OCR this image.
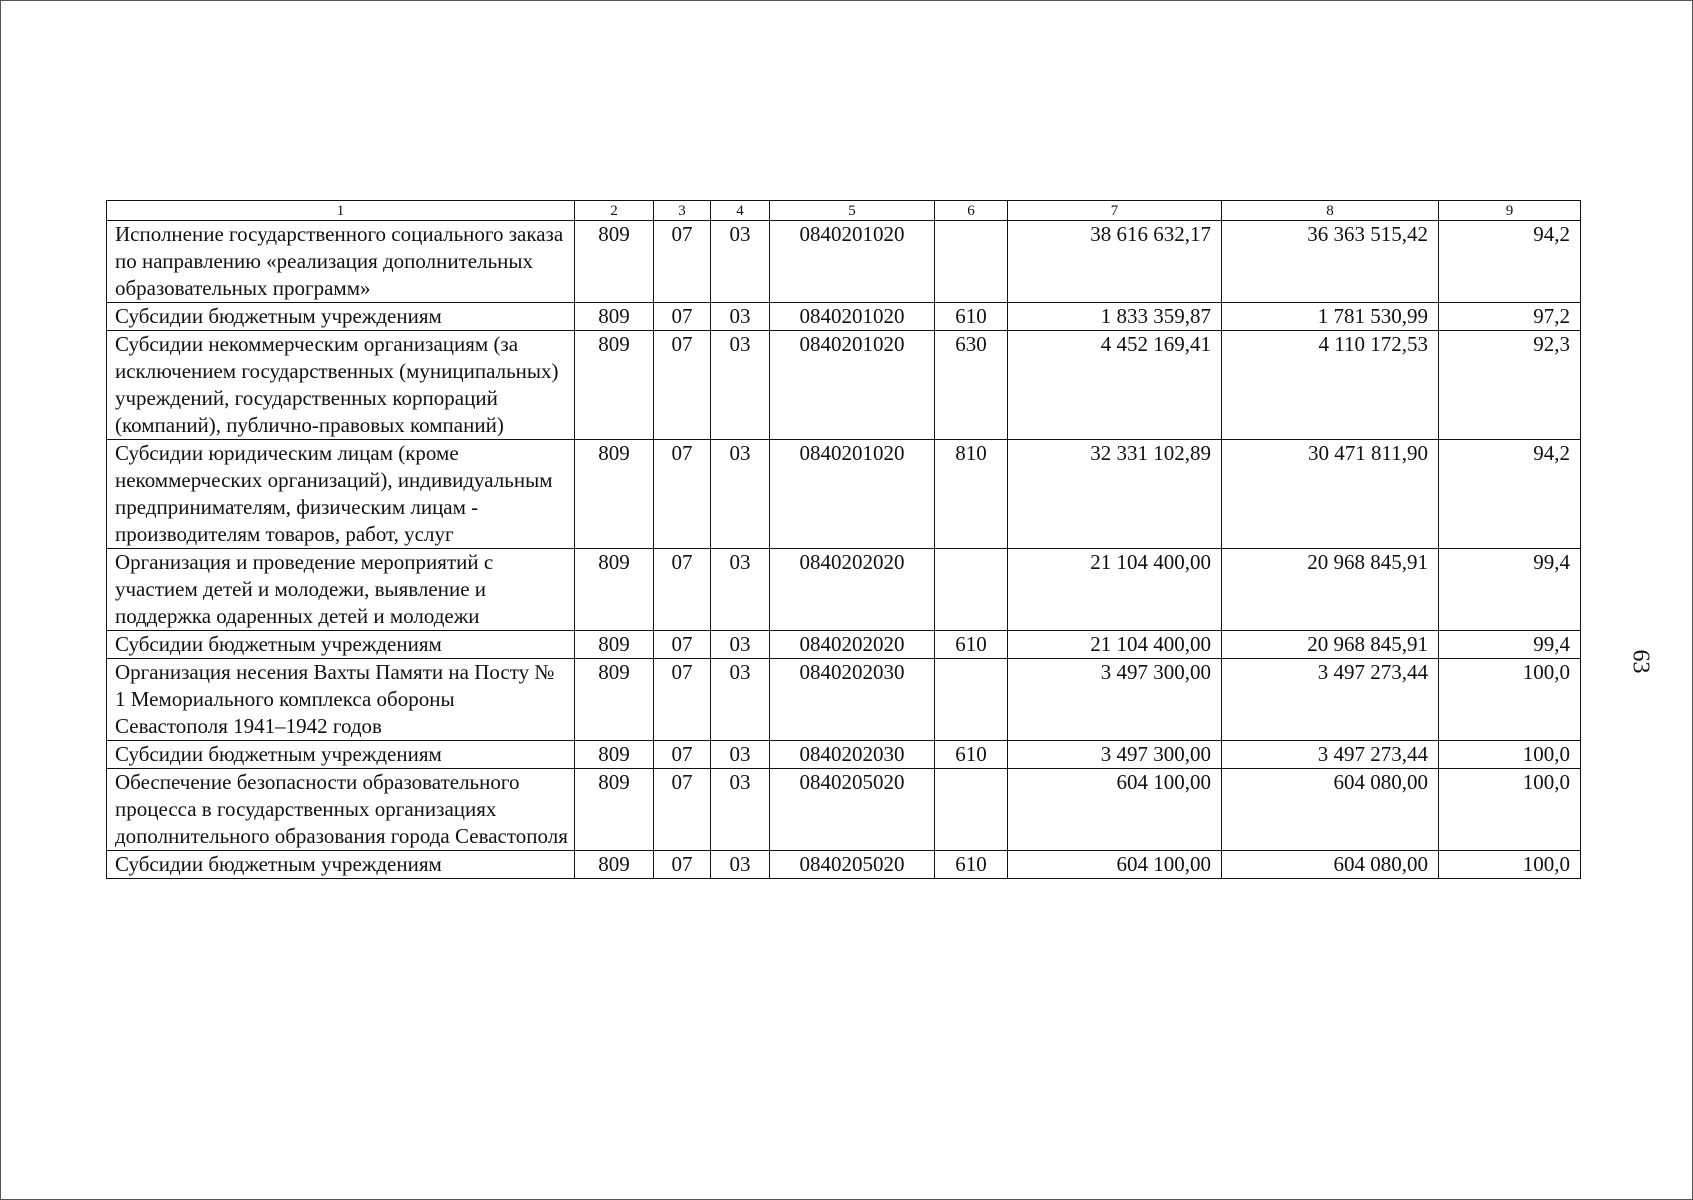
1	2	3	4	5	6	7	8	9
Исполнение государственного социального заказа по направлению «реализация дополнительных образовательных программ»	809	07	03	0840201020		38 616 632,17	36 363 515,42	94,2
Субсидии бюджетным учреждениям	809	07	03	0840201020	610	1 833 359,87	1 781 530,99	97,2
Субсидии некоммерческим организациям (за исключением государственных (муниципальных) учреждений, государственных корпораций (компаний), публично-правовых компаний)	809	07	03	0840201020	630	4 452 169,41	4 110 172,53	92,3
Субсидии юридическим лицам (кроме некоммерческих организаций), индивидуальным предпринимателям, физическим лицам - производителям товаров, работ, услуг	809	07	03	0840201020	810	32 331 102,89	30 471 811,90	94,2
Организация и проведение мероприятий с участием детей и молодежи, выявление и поддержка одаренных детей и молодежи	809	07	03	0840202020		21 104 400,00	20 968 845,91	99,4
Субсидии бюджетным учреждениям	809	07	03	0840202020	610	21 104 400,00	20 968 845,91	99,4
Организация несения Вахты Памяти на Посту № 1 Мемориального комплекса обороны Севастополя 1941–1942 годов	809	07	03	0840202030		3 497 300,00	3 497 273,44	100,0
Субсидии бюджетным учреждениям	809	07	03	0840202030	610	3 497 300,00	3 497 273,44	100,0
Обеспечение безопасности образовательного процесса в государственных организациях дополнительного образования города Севастополя	809	07	03	0840205020		604 100,00	604 080,00	100,0
Субсидии бюджетным учреждениям	809	07	03	0840205020	610	604 100,00	604 080,00	100,0
63
